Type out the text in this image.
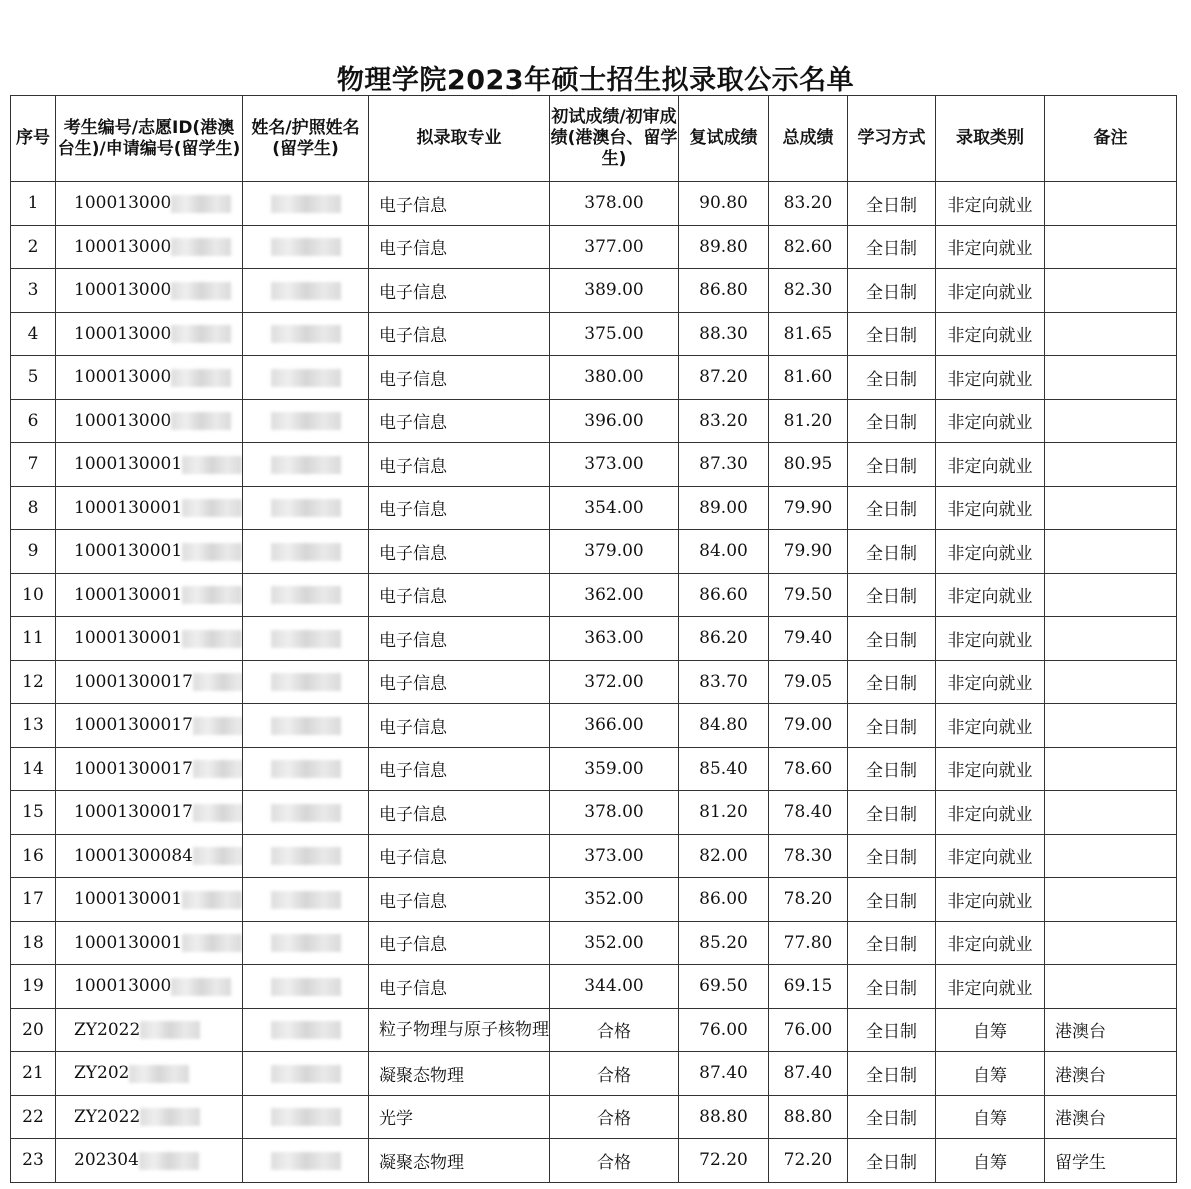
物理学院2023年硕士招生拟录取公示名单
序号	考生编号/志愿ID(港澳台生)/申请编号(留学生)	姓名/护照姓名(留学生)	拟录取专业	初试成绩/初审成绩(港澳台、留学生)	复试成绩	总成绩	学习方式	录取类别	备注
1	100013000		电子信息	378.00	90.80	83.20	全日制	非定向就业	
2	100013000		电子信息	377.00	89.80	82.60	全日制	非定向就业	
3	100013000		电子信息	389.00	86.80	82.30	全日制	非定向就业	
4	100013000		电子信息	375.00	88.30	81.65	全日制	非定向就业	
5	100013000		电子信息	380.00	87.20	81.60	全日制	非定向就业	
6	100013000		电子信息	396.00	83.20	81.20	全日制	非定向就业	
7	1000130001		电子信息	373.00	87.30	80.95	全日制	非定向就业	
8	1000130001		电子信息	354.00	89.00	79.90	全日制	非定向就业	
9	1000130001		电子信息	379.00	84.00	79.90	全日制	非定向就业	
10	1000130001		电子信息	362.00	86.60	79.50	全日制	非定向就业	
11	1000130001		电子信息	363.00	86.20	79.40	全日制	非定向就业	
12	10001300017		电子信息	372.00	83.70	79.05	全日制	非定向就业	
13	10001300017		电子信息	366.00	84.80	79.00	全日制	非定向就业	
14	10001300017		电子信息	359.00	85.40	78.60	全日制	非定向就业	
15	10001300017		电子信息	378.00	81.20	78.40	全日制	非定向就业	
16	10001300084		电子信息	373.00	82.00	78.30	全日制	非定向就业	
17	1000130001		电子信息	352.00	86.00	78.20	全日制	非定向就业	
18	1000130001		电子信息	352.00	85.20	77.80	全日制	非定向就业	
19	100013000		电子信息	344.00	69.50	69.15	全日制	非定向就业	
20	ZY2022		粒子物理与原子核物理	合格	76.00	76.00	全日制	自筹	港澳台
21	ZY202		凝聚态物理	合格	87.40	87.40	全日制	自筹	港澳台
22	ZY2022		光学	合格	88.80	88.80	全日制	自筹	港澳台
23	202304		凝聚态物理	合格	72.20	72.20	全日制	自筹	留学生
